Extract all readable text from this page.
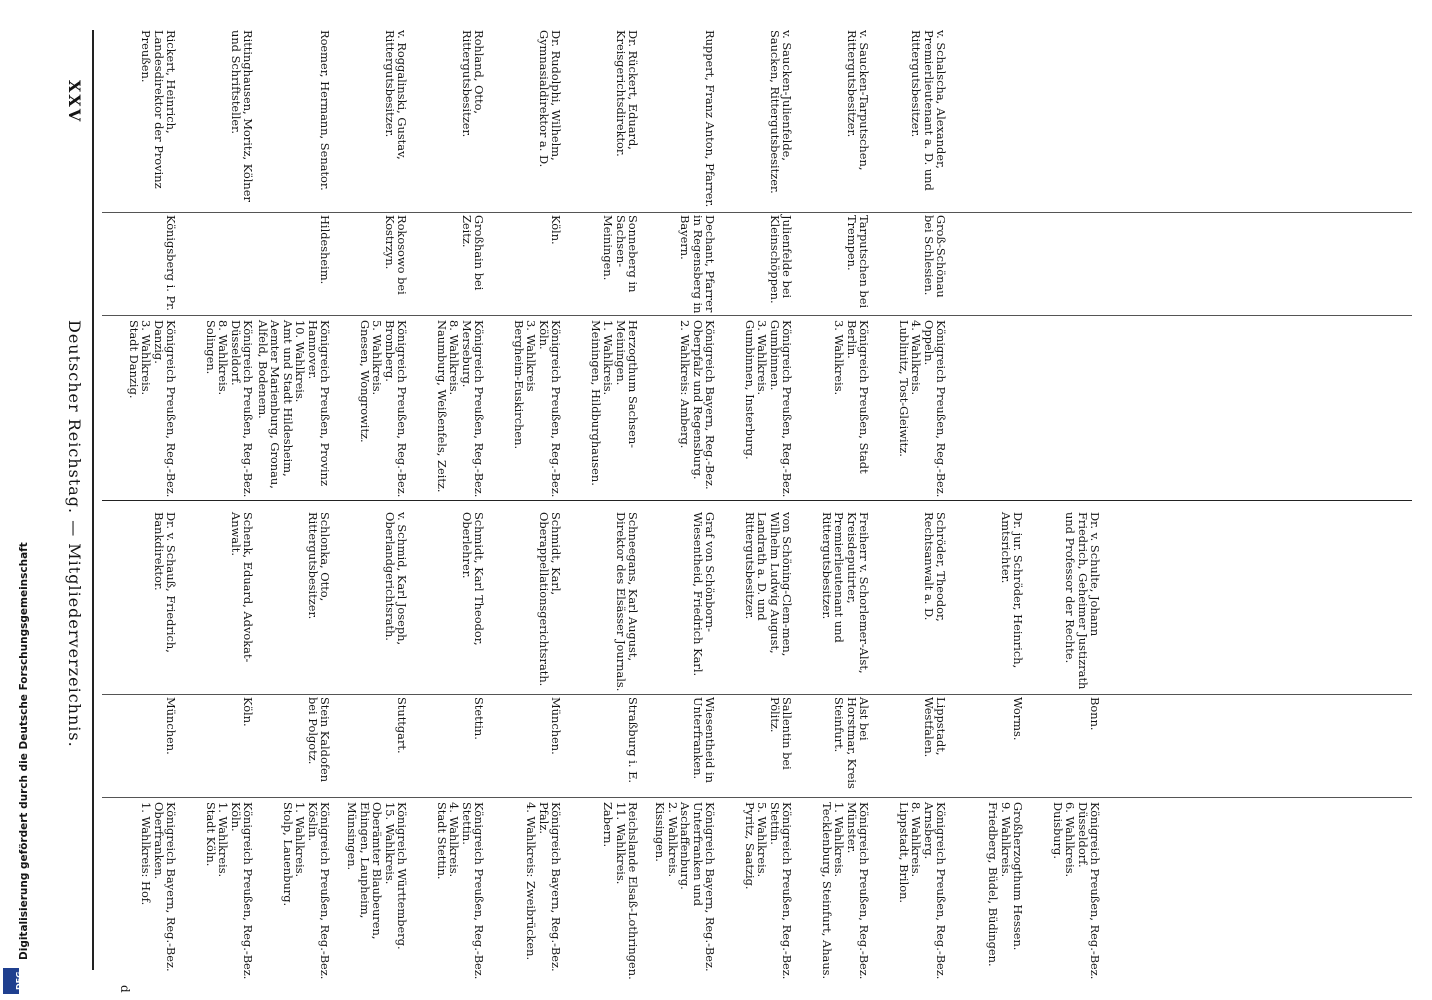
XXV
Deutscher Reichstag. — Mitgliederverzeichnis.
Rickert, Heinrich, Landesdirektor der Provinz Preußen.
Königsberg i. Pr.
Königreich Preußen, Reg.-Bez. Danzig.
3. Wahlkreis.
Stadt Danzig.
Rittinghausen, Moritz, Kölner und Schriftsteller.
Königreich Preußen, Reg.-Bez. Düsseldorf.
8. Wahlkreis.
Solingen.
Roemer, Hermann, Senator.
Hildesheim.
Königreich Preußen, Provinz Hannover.
10. Wahlkreis.
Amt und Stadt Hildesheim, Aemter Marienburg, Gronau, Alfeld, Bodenem.
v. Roggalinski, Gustav, Rittergutsbesitzer.
Rokosowo bei Kostrzyn.
Königreich Preußen, Reg.-Bez. Bromberg.
5. Wahlkreis.
Gnesen, Wongrowitz.
Rohland, Otto, Rittergutsbesitzer.
Großhain bei Zeitz.
Königreich Preußen, Reg.-Bez. Merseburg.
8. Wahlkreis.
Naumburg, Weißenfels, Zeitz.
Dr. Rudolphi, Wilhelm, Gymnasialdirektor a. D.
Köln.
Königreich Preußen, Reg.-Bez. Köln.
3. Wahlkreis
Bergheim-Euskirchen.
Dr. Rückert, Eduard, Kreisgerichtsdirektor.
Sonneberg in Sachsen-Meiningen.
Herzogthum Sachsen-Meiningen.
1. Wahlkreis.
Meiningen, Hildburghausen.
Ruppert, Franz Anton, Pfarrer.
Dechant, Pfarrer in Regensberg in Bayern.
Königreich Bayern, Reg.-Bez. Oberpfalz und Regensburg.
2. Wahlkreis: Amberg.
v. Saucken-Julienfelde, Saucken, Rittergutsbesitzer.
Julienfelde bei Kleinschöppen.
Königreich Preußen, Reg.-Bez. Gumbinnen.
3. Wahlkreis.
Gumbinnen, Insterburg.
v. Saucken-Tarputschen, Rittergutsbesitzer.
Tarputschen bei Trempen.
Königreich Preußen, Stadt Berlin.
3. Wahlkreis.
v. Schalscha, Alexander, Premierlieutenant a. D. und Rittergutsbesitzer.
Groß-Schönau bei Schlesien.
Königreich Preußen, Reg.-Bez. Oppeln.
4. Wahlkreis.
Lublinitz, Tost-Gleiwitz.
Dr. v. Schauß, Friedrich, Bankdirektor.
München.
Königreich Bayern, Reg.-Bez. Oberfranken.
1. Wahlkreis: Hof.
Schenk, Eduard, Advokat-Anwalt.
Köln.
Königreich Preußen, Reg.-Bez. Köln.
1. Wahlkreis.
Stadt Köln.
Schlonka, Otto, Rittergutsbesitzer.
Stein Kaldofen bei Polgotz.
Königreich Preußen, Reg.-Bez. Köslin.
1. Wahlkreis.
Stolp, Lauenburg.
v. Schmid, Karl Joseph, Oberlandgerichtsrath.
Stuttgart.
Königreich Württemberg.
15. Wahlkreis.
Oberämter Blaubeuren, Ehingen, Laupheim, Münsingen.
Schmidt, Karl Theodor, Oberlehrer.
Stettin.
Königreich Preußen, Reg.-Bez. Stettin.
4. Wahlkreis.
Stadt Stettin.
Schmidt, Karl, Oberappellationsgerichtsrath.
München.
Königreich Bayern, Reg.-Bez. Pfalz.
4. Wahlkreis: Zweibrücken.
Schneegans, Karl August, Direktor des Elsässer Journals.
Straßburg i. E.
Reichslande Elsaß-Lothringen.
11. Wahlkreis.
Zabern.
Graf von Schönborn-Wiesentheid, Friedrich Karl.
Wiesentheid in Unterfranken.
Königreich Bayern, Reg.-Bez. Unterfranken und Aschaffenburg.
2. Wahlkreis.
Kissingen.
von Schöning-Clem-men, Wilhelm Ludwig August, Landrath a. D. und Rittergutsbesitzer.
Sallentin bei Pölitz.
Königreich Preußen, Reg.-Bez. Stettin.
5. Wahlkreis.
Pyritz, Saatzig.
Freiherr v. Schorlemer-Alst, Kreisdeputirter, Premierlieutenant und Rittergutsbesitzer.
Alst bei Horstmar, Kreis Steinfurt.
Königreich Preußen, Reg.-Bez. Münster.
1. Wahlkreis.
Tecklenburg, Steinfurt, Ahaus.
Schröder, Theodor, Rechtsanwalt a. D.
Lippstadt, Westfalen.
Königreich Preußen, Reg.-Bez. Arnsberg.
8. Wahlkreis.
Lippstadt, Brilon.
Dr. jur. Schröder, Heinrich, Amtsrichter.
Worms.
Großherzogthum Hessen.
9. Wahlkreis.
Friedberg, Büdel, Büdingen.
Dr. v. Schulte, Johann Friedrich, Geheimer Justizrath und Professor der Rechte.
Bonn.
Königreich Preußen, Reg.-Bez. Düsseldorf.
6. Wahlkreis.
Duisburg.
d
Digitalisierung gefördert durch die Deutsche Forschungsgemeinschaft
DFG
